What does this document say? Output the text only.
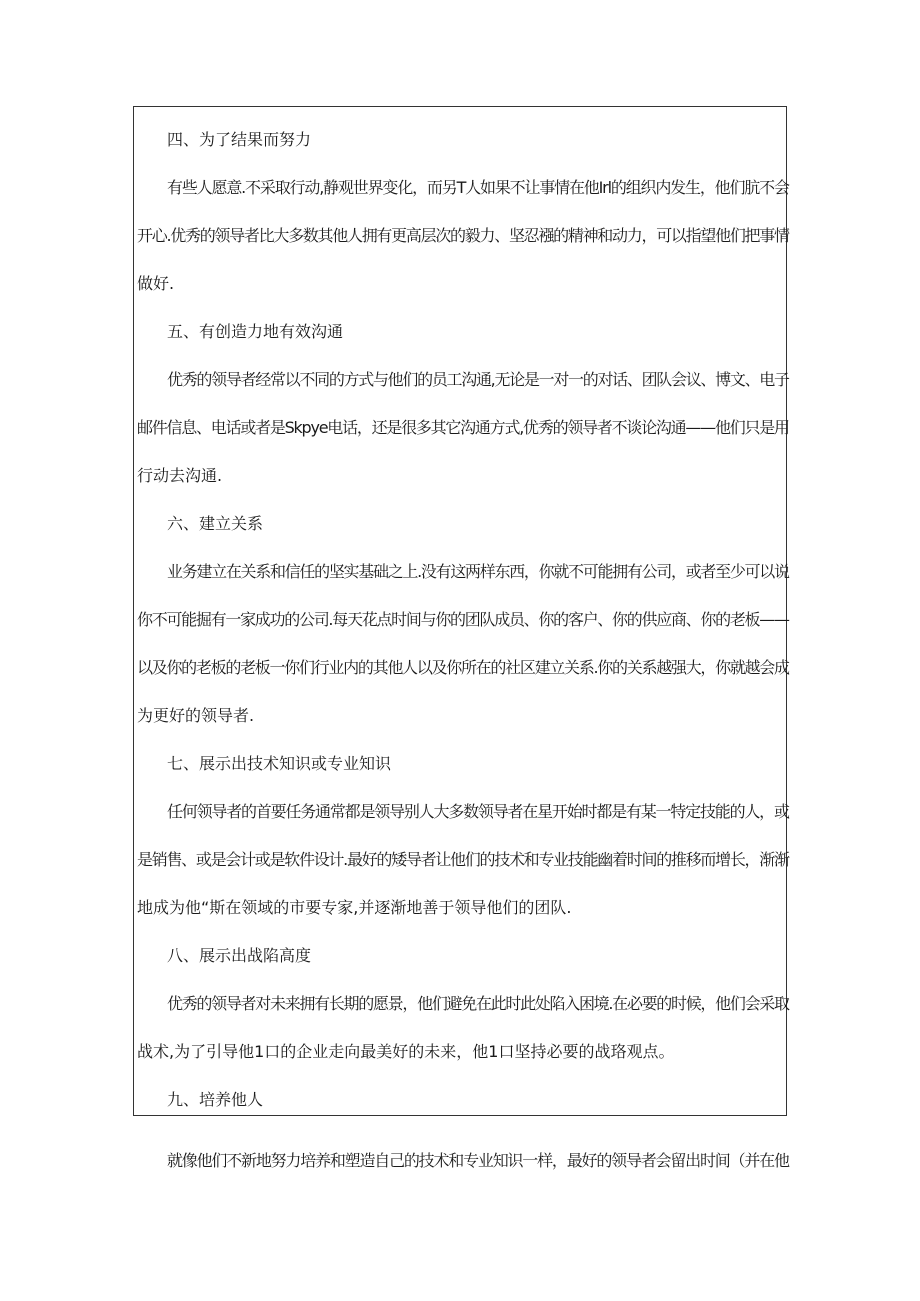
四、为了结果而努力
有些人愿意.不采取行动,静观世界变化，而另T人如果不让事情在他Irl的组织内发生，他们肮不会
开心.优秀的领导者比大多数其他人拥有更高层次的毅力、坚忍襁的精神和动力，可以指望他们把事情
做好.
五、有创造力地有效沟通
优秀的领导者经常以不同的方式与他们的员工沟通,无论是一对一的对话、团队会议、博文、电子
邮件信息、电话或者是Skpye电话，还是很多其它沟通方式,优秀的领导者不谈论沟通——他们只是用
行动去沟通.
六、建立关系
业务建立在关系和信任的坚实基础之上.没有这两样东西，你就不可能拥有公司，或者至少可以说
你不可能掘有一家成功的公司.每天花点时间与你的团队成员、你的客户、你的供应商、你的老板——
以及你的老板的老板一你们行业内的其他人以及你所在的社区建立关系.你的关系越强大，你就越会成
为更好的领导者.
七、展示出技术知识或专业知识
任何领导者的首要任务通常都是领导别人大多数领导者在星开始时都是有某一特定技能的人，或
是销售、或是会计或是软件设计.最好的矮导者让他们的技术和专业技能幽着时间的推移而增长，渐渐
地成为他“斯在领域的市要专家,并逐渐地善于领导他们的团队.
八、展示出战陷高度
优秀的领导者对未来拥有长期的愿景，他们避免在此时此处陷入困境.在必要的时候，他们会采取
战术,为了引导他1口的企业走向最美好的未来，他1口坚持必要的战珞观点。
九、培养他人
就像他们不新地努力培养和塑造自己的技术和专业知识一样，最好的领导者会留出时间（并在他
